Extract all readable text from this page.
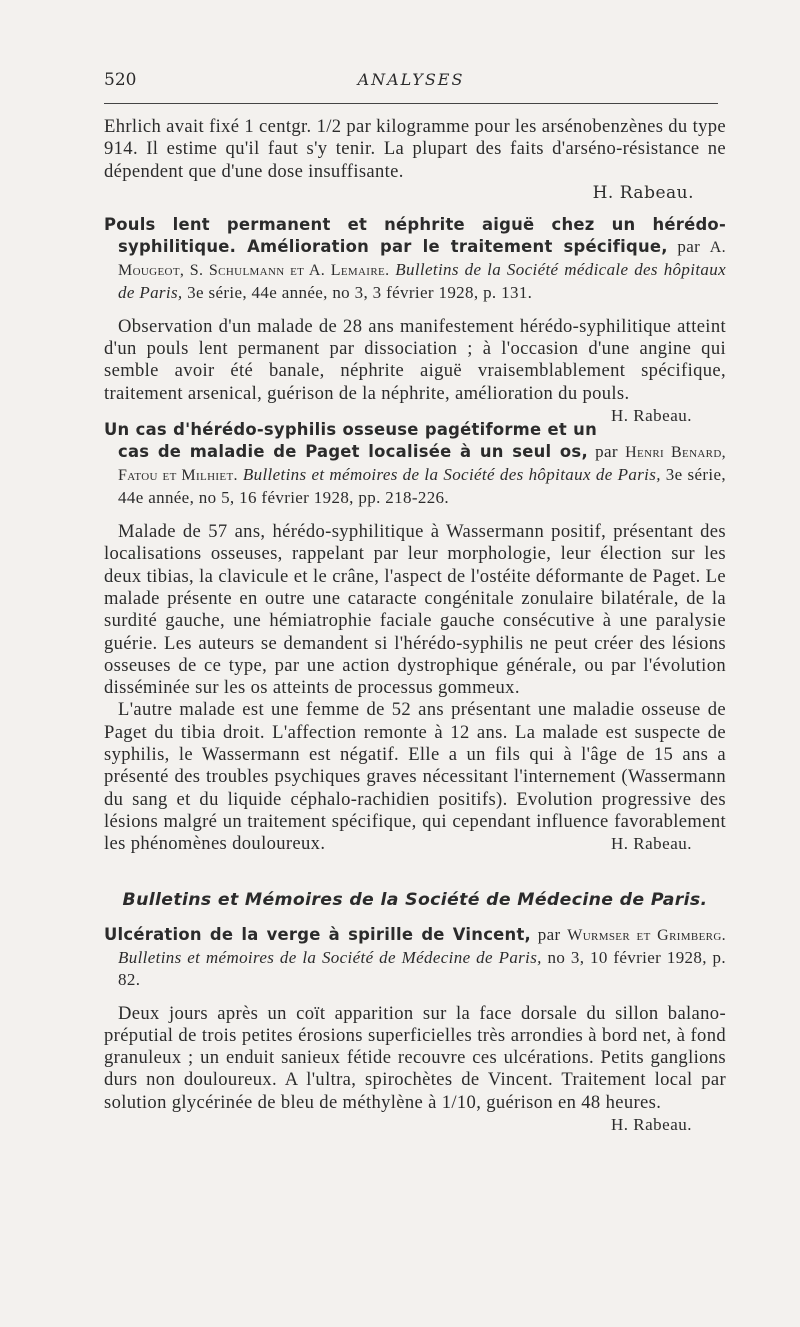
520	ANALYSES

Ehrlich avait fixé 1 centgr. 1/2 par kilogramme pour les arsénobenzènes du type 914. Il estime qu'il faut s'y tenir. La plupart des faits d'arséno-résistance ne dépendent que d'une dose insuffisante.

H. Rabeau.

Pouls lent permanent et néphrite aiguë chez un hérédo-syphilitique. Amélioration par le traitement spécifique, par A. Mougeot, S. Schulmann et A. Lemaire. Bulletins de la Société médicale des hôpitaux de Paris, 3e série, 44e année, no 3, 3 février 1928, p. 131.

Observation d'un malade de 28 ans manifestement hérédo-syphilitique atteint d'un pouls lent permanent par dissociation ; à l'occasion d'une angine qui semble avoir été banale, néphrite aiguë vraisemblablement spécifique, traitement arsenical, guérison de la néphrite, amélioration du pouls.
H. Rabeau.

Un cas d'hérédo-syphilis osseuse pagétiforme et un cas de maladie de Paget localisée à un seul os, par Henri Benard, Fatou et Milhiet. Bulletins et mémoires de la Société des hôpitaux de Paris, 3e série, 44e année, no 5, 16 février 1928, pp. 218-226.

Malade de 57 ans, hérédo-syphilitique à Wassermann positif, présentant des localisations osseuses, rappelant par leur morphologie, leur élection sur les deux tibias, la clavicule et le crâne, l'aspect de l'ostéite déformante de Paget. Le malade présente en outre une cataracte congénitale zonulaire bilatérale, de la surdité gauche, une hémiatrophie faciale gauche consécutive à une paralysie guérie. Les auteurs se demandent si l'hérédo-syphilis ne peut créer des lésions osseuses de ce type, par une action dystrophique générale, ou par l'évolution disséminée sur les os atteints de processus gommeux.

L'autre malade est une femme de 52 ans présentant une maladie osseuse de Paget du tibia droit. L'affection remonte à 12 ans. La malade est suspecte de syphilis, le Wassermann est négatif. Elle a un fils qui à l'âge de 15 ans a présenté des troubles psychiques graves nécessitant l'internement (Wassermann du sang et du liquide céphalo-rachidien positifs). Evolution progressive des lésions malgré un traitement spécifique, qui cependant influence favorablement les phénomènes douloureux.	H. Rabeau.

Bulletins et Mémoires de la Société de Médecine de Paris.

Ulcération de la verge à spirille de Vincent, par Wurmser et Grimberg. Bulletins et mémoires de la Société de Médecine de Paris, no 3, 10 février 1928, p. 82.

Deux jours après un coït apparition sur la face dorsale du sillon balano-préputial de trois petites érosions superficielles très arrondies à bord net, à fond granuleux ; un enduit sanieux fétide recouvre ces ulcérations. Petits ganglions durs non douloureux. A l'ultra, spirochètes de Vincent. Traitement local par solution glycérinée de bleu de méthylène à 1/10, guérison en 48 heures.
H. Rabeau.
